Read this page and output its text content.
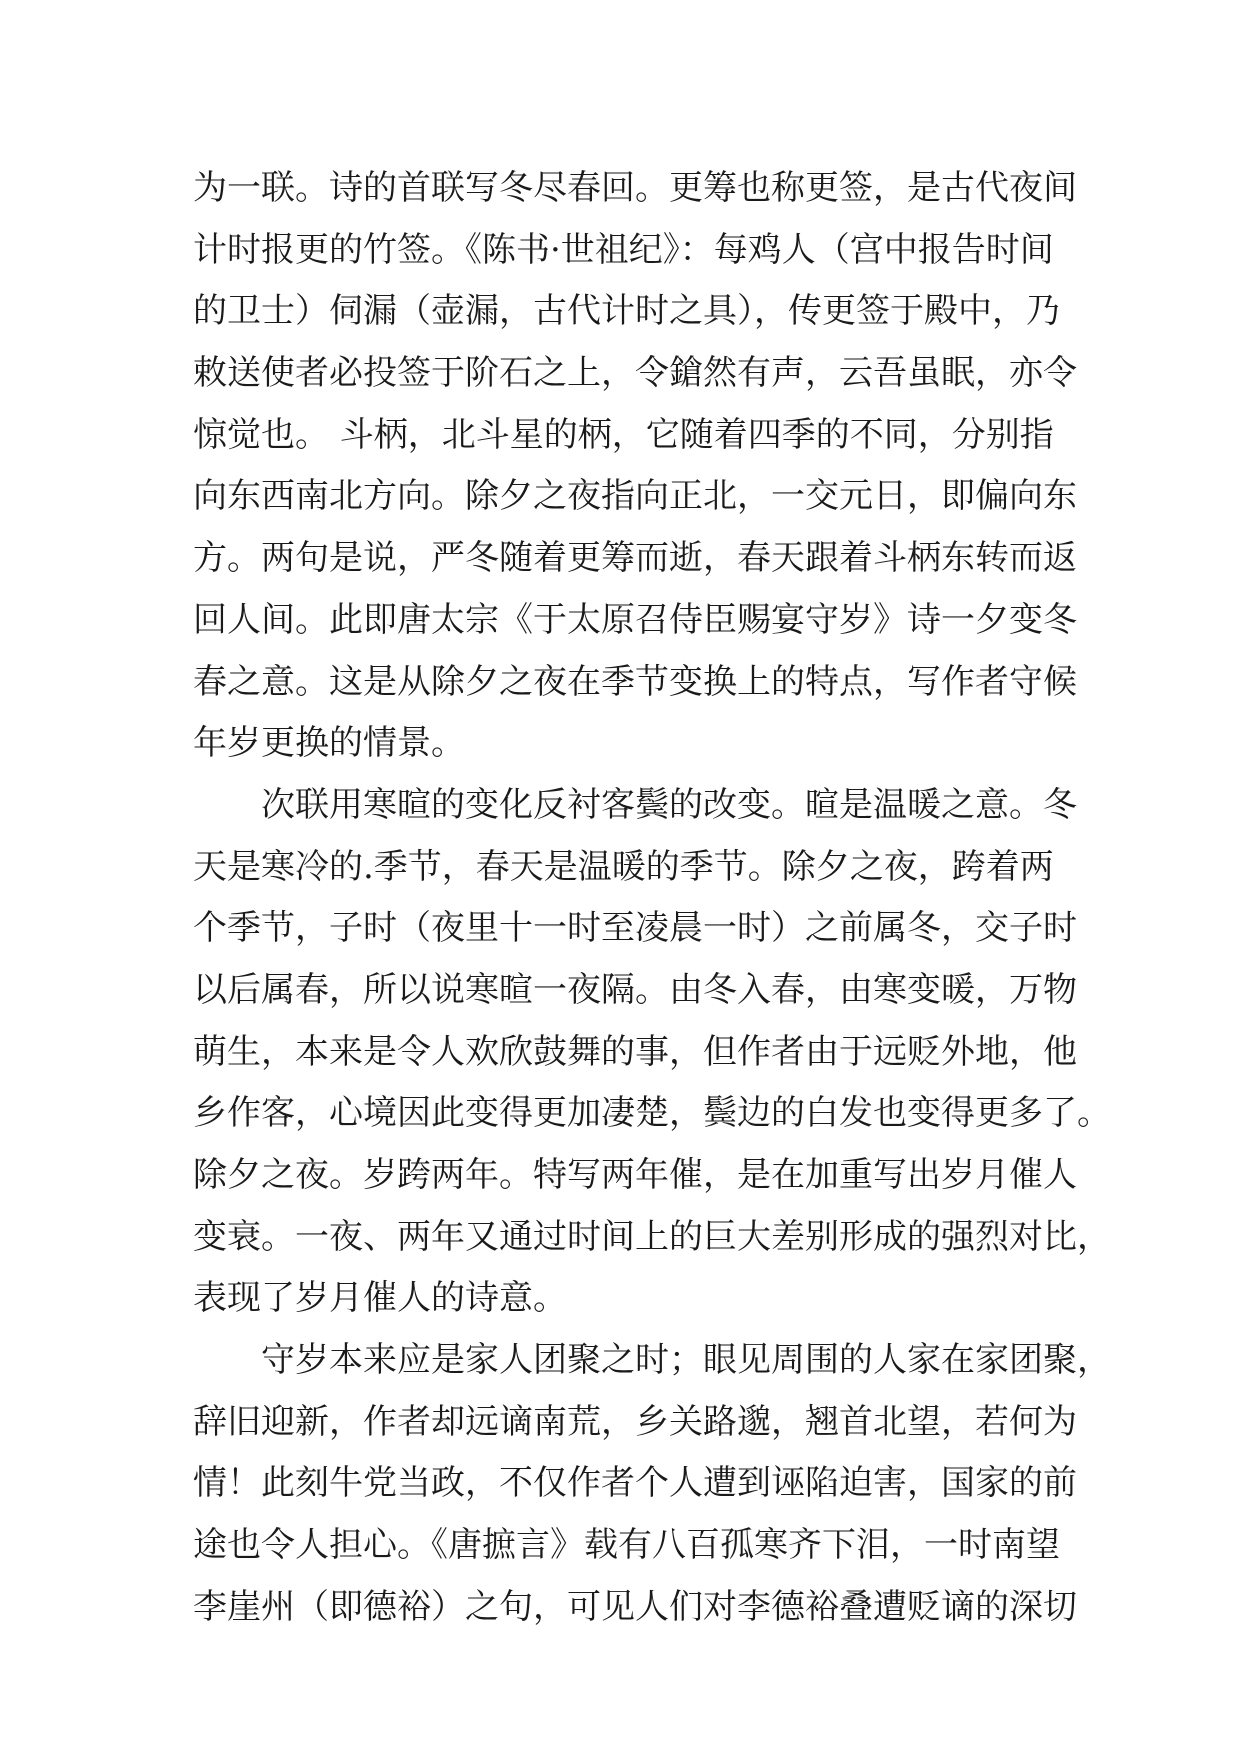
为一联。诗的首联写冬尽春回。更筹也称更签，是古代夜间
计时报更的竹签。《陈书·世祖纪》：每鸡人（宫中报告时间
的卫士）伺漏（壶漏，古代计时之具），传更签于殿中，乃
敕送使者必投签于阶石之上，令鎗然有声，云吾虽眠，亦令
惊觉也。 斗柄，北斗星的柄，它随着四季的不同，分别指
向东西南北方向。除夕之夜指向正北，一交元日，即偏向东
方。两句是说，严冬随着更筹而逝，春天跟着斗柄东转而返
回人间。此即唐太宗《于太原召侍臣赐宴守岁》诗一夕变冬
春之意。这是从除夕之夜在季节变换上的特点，写作者守候
年岁更换的情景。
　　次联用寒暄的变化反衬客鬓的改变。暄是温暖之意。冬
天是寒冷的.季节，春天是温暖的季节。除夕之夜，跨着两
个季节，子时（夜里十一时至凌晨一时）之前属冬，交子时
以后属春，所以说寒暄一夜隔。由冬入春，由寒变暖，万物
萌生，本来是令人欢欣鼓舞的事，但作者由于远贬外地，他
乡作客，心境因此变得更加凄楚，鬓边的白发也变得更多了。
除夕之夜。岁跨两年。特写两年催，是在加重写出岁月催人
变衰。一夜、两年又通过时间上的巨大差别形成的强烈对比，
表现了岁月催人的诗意。
　　守岁本来应是家人团聚之时；眼见周围的人家在家团聚，
辞旧迎新，作者却远谪南荒，乡关路邈，翘首北望，若何为
情！此刻牛党当政，不仅作者个人遭到诬陷迫害，国家的前
途也令人担心。《唐摭言》载有八百孤寒齐下泪，一时南望
李崖州（即德裕）之句，可见人们对李德裕叠遭贬谪的深切
